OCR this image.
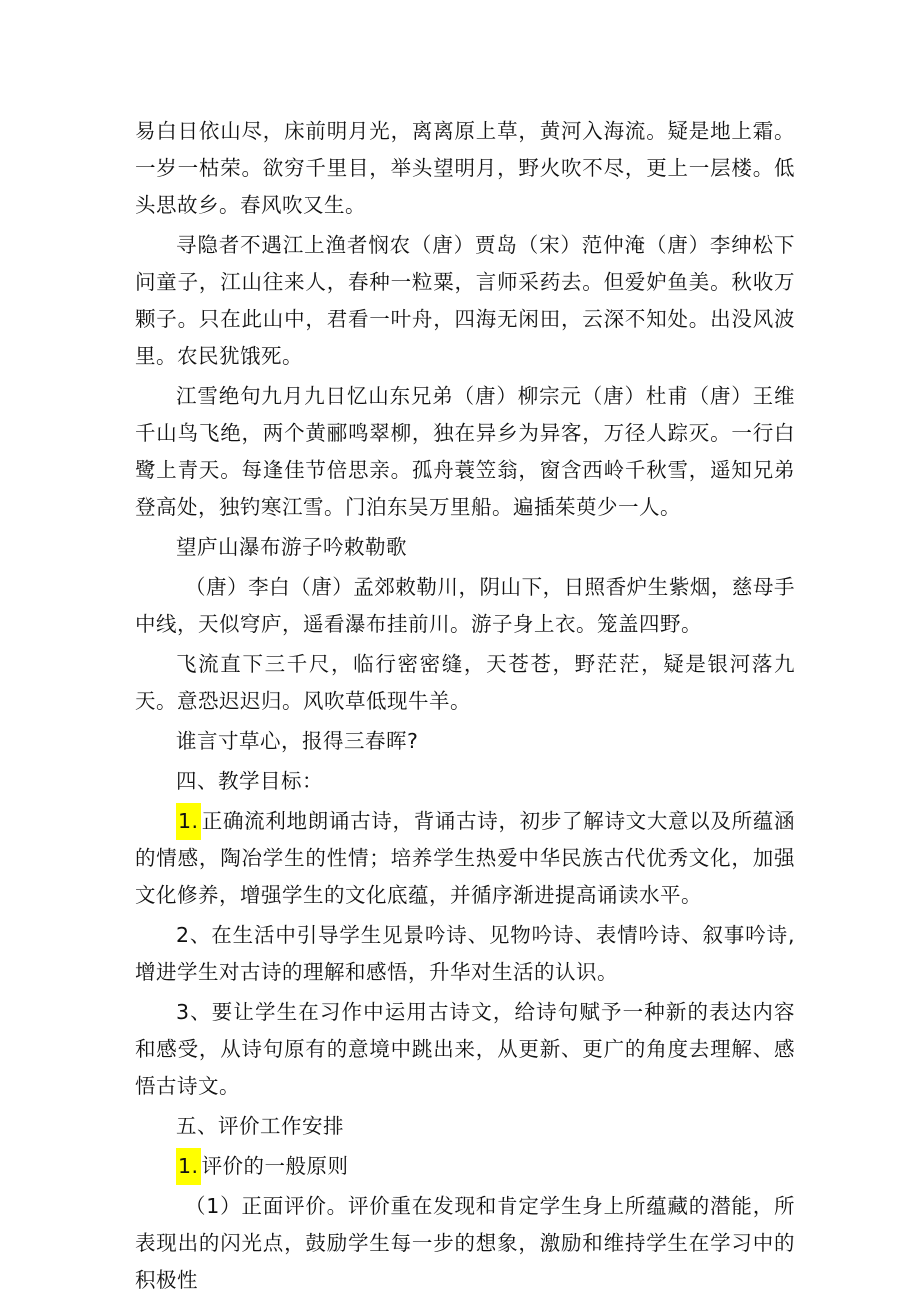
易白日依山尽，床前明月光，离离原上草，黄河入海流。疑是地上霜。一岁一枯荣。欲穷千里目，举头望明月，野火吹不尽，更上一层楼。低头思故乡。春风吹又生。

寻隐者不遇江上渔者悯农（唐）贾岛（宋）范仲淹（唐）李绅松下问童子，江山往来人，春种一粒粟，言师采药去。但爱妒鱼美。秋收万颗子。只在此山中，君看一叶舟，四海无闲田，云深不知处。出没风波里。农民犹饿死。

江雪绝句九月九日忆山东兄弟（唐）柳宗元（唐）杜甫（唐）王维千山鸟飞绝，两个黄郦鸣翠柳，独在异乡为异客，万径人踪灭。一行白鹭上青天。每逢佳节倍思亲。孤舟蓑笠翁，窗含西岭千秋雪，遥知兄弟登高处，独钓寒江雪。门泊东吴万里船。遍插茱萸少一人。

望庐山瀑布游子吟敕勒歌

（唐）李白（唐）孟郊敕勒川，阴山下，日照香炉生紫烟，慈母手中线，天似穹庐，遥看瀑布挂前川。游子身上衣。笼盖四野。

飞流直下三千尺，临行密密缝，天苍苍，野茫茫，疑是银河落九天。意恐迟迟归。风吹草低现牛羊。

谁言寸草心，报得三春晖?

四、教学目标：

1. 正确流利地朗诵古诗，背诵古诗，初步了解诗文大意以及所蕴涵的情感，陶冶学生的性情；培养学生热爱中华民族古代优秀文化，加强文化修养，增强学生的文化底蕴，并循序渐进提高诵读水平。

2、在生活中引导学生见景吟诗、见物吟诗、表情吟诗、叙事吟诗,增进学生对古诗的理解和感悟，升华对生活的认识。

3、要让学生在习作中运用古诗文，给诗句赋予一种新的表达内容和感受，从诗句原有的意境中跳出来，从更新、更广的角度去理解、感悟古诗文。

五、评价工作安排

1. 评价的一般原则

（1）正面评价。评价重在发现和肯定学生身上所蕴藏的潜能，所表现出的闪光点，鼓励学生每一步的想象，激励和维持学生在学习中的积极性
